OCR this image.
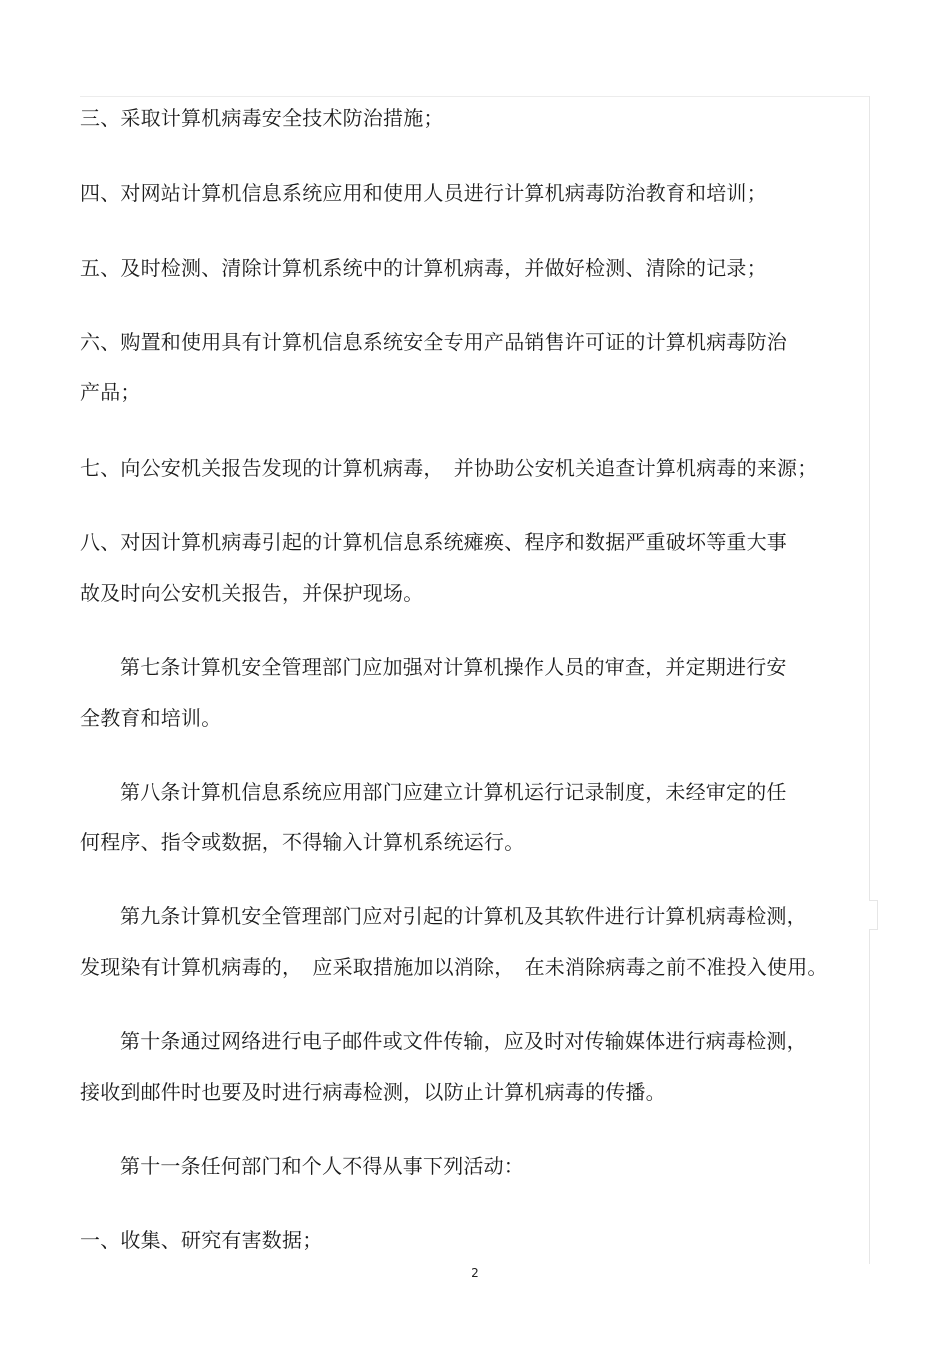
三、采取计算机病毒安全技术防治措施；
四、对网站计算机信息系统应用和使用人员进行计算机病毒防治教育和培训；
五、及时检测、清除计算机系统中的计算机病毒，并做好检测、清除的记录；
六、购置和使用具有计算机信息系统安全专用产品销售许可证的计算机病毒防治
产品；
七、向公安机关报告发现的计算机病毒，　并协助公安机关追查计算机病毒的来源；
八、对因计算机病毒引起的计算机信息系统瘫痪、程序和数据严重破坏等重大事
故及时向公安机关报告，并保护现场。
第七条计算机安全管理部门应加强对计算机操作人员的审查，并定期进行安
全教育和培训。
第八条计算机信息系统应用部门应建立计算机运行记录制度，未经审定的任
何程序、指令或数据，不得输入计算机系统运行。
第九条计算机安全管理部门应对引起的计算机及其软件进行计算机病毒检测，
发现染有计算机病毒的，　应采取措施加以消除，　在未消除病毒之前不准投入使用。
第十条通过网络进行电子邮件或文件传输，应及时对传输媒体进行病毒检测，
接收到邮件时也要及时进行病毒检测，以防止计算机病毒的传播。
第十一条任何部门和个人不得从事下列活动：
一、收集、研究有害数据；
2
